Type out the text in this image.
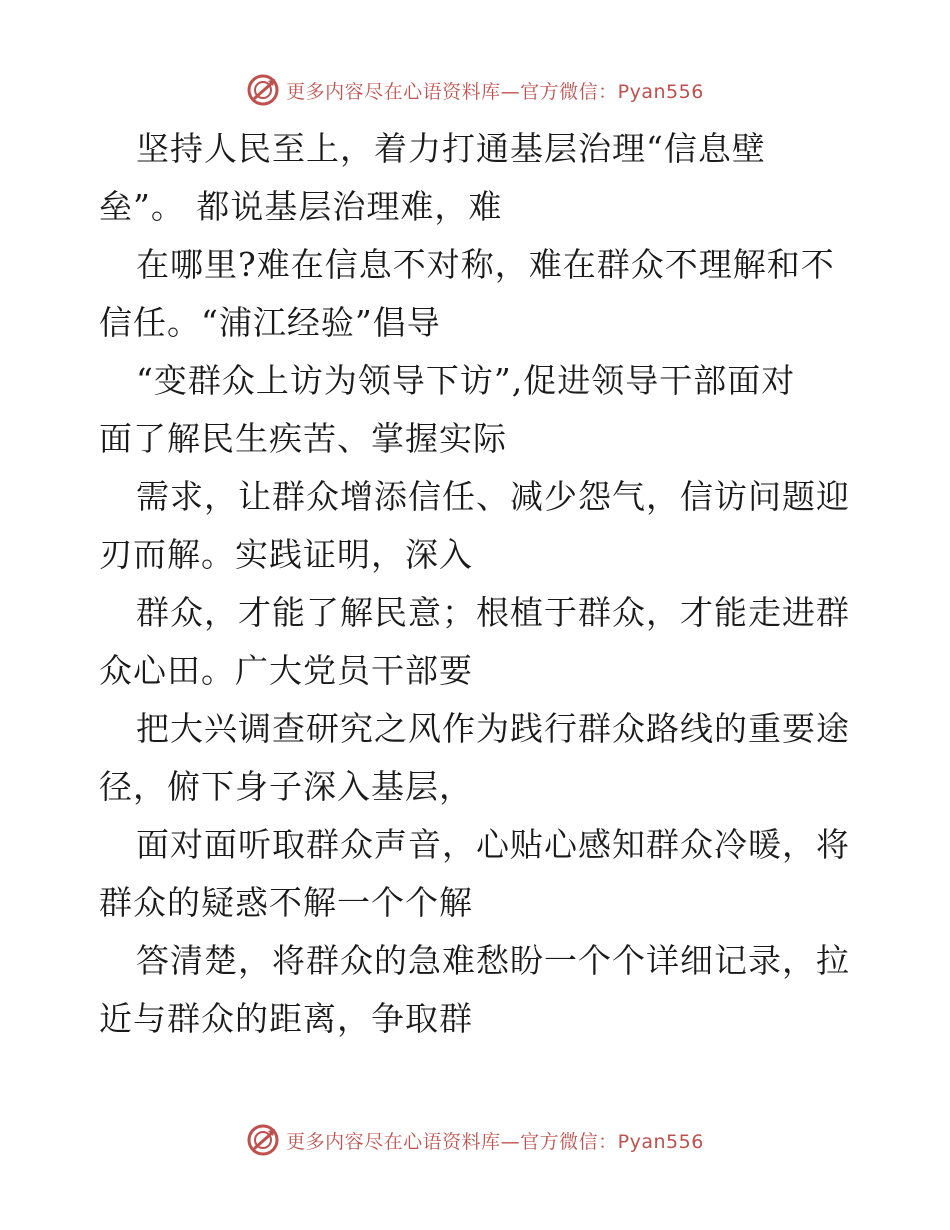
更多内容尽在心语资料库—官方微信：Pyan556
坚持人民至上，着力打通基层治理“信息壁
垒”。 都说基层治理难，难
在哪里?难在信息不对称，难在群众不理解和不
信任。“浦江经验”倡导
“变群众上访为领导下访”,促进领导干部面对
面了解民生疾苦、掌握实际
需求，让群众增添信任、减少怨气，信访问题迎
刃而解。实践证明，深入
群众，才能了解民意；根植于群众，才能走进群
众心田。广大党员干部要
把大兴调查研究之风作为践行群众路线的重要途
径，俯下身子深入基层，
面对面听取群众声音，心贴心感知群众冷暖，将
群众的疑惑不解一个个解
答清楚，将群众的急难愁盼一个个详细记录，拉
近与群众的距离，争取群
更多内容尽在心语资料库—官方微信：Pyan556
